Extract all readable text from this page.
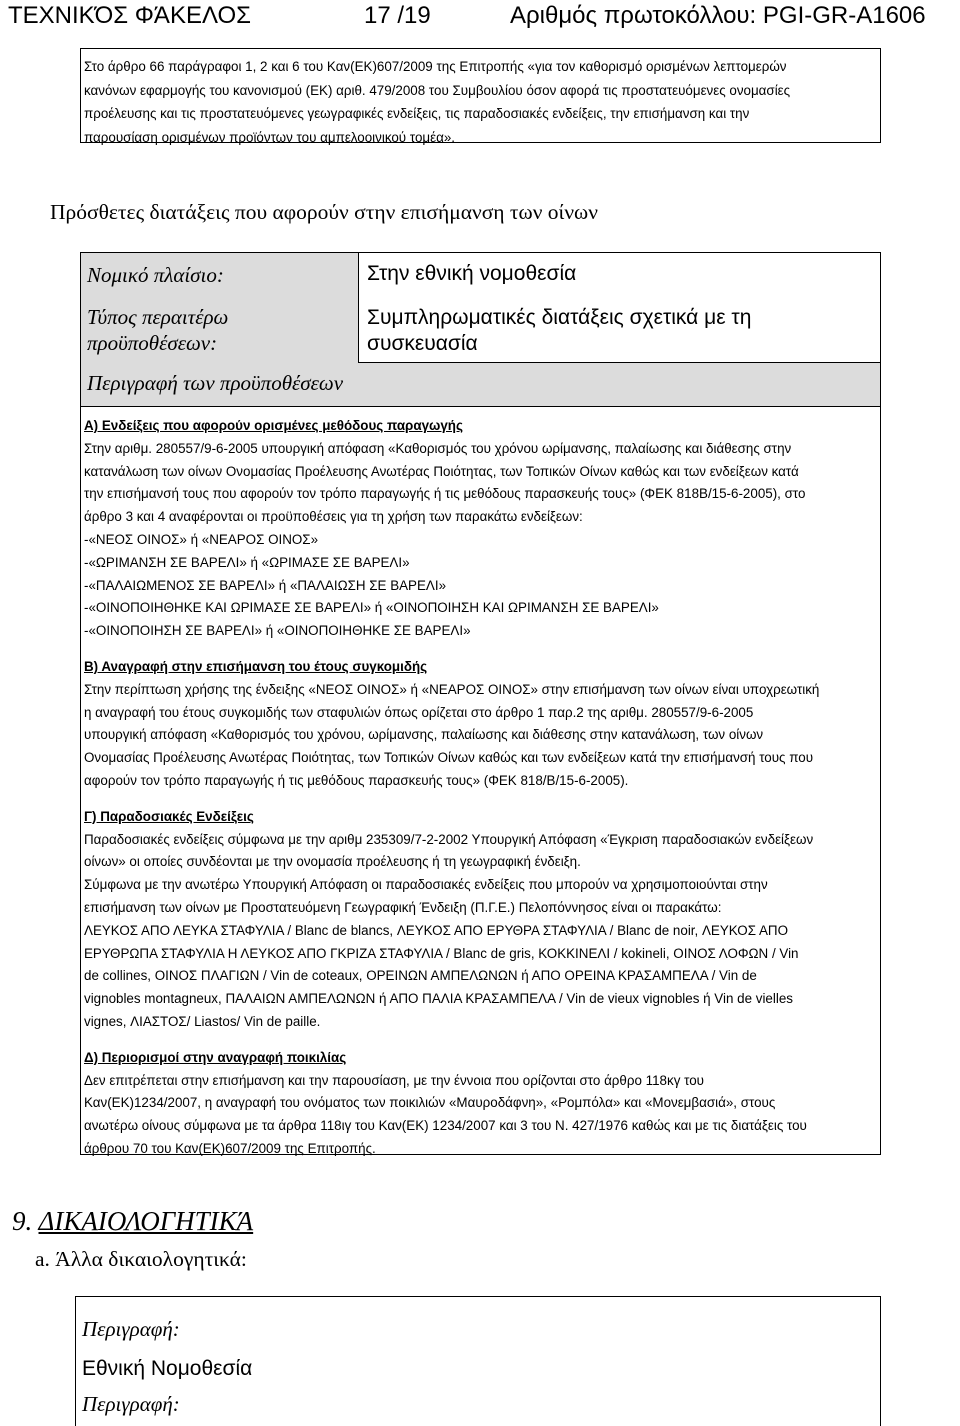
ΤΕΧΝΙΚΌΣ ΦΆΚΕΛΟΣ	17 /19	Αριθμός πρωτοκόλλου: PGI-GR-A1606
Στο άρθρο 66 παράγραφοι 1, 2 και 6 του Καν(ΕΚ)607/2009 της Επιτροπής «για τον καθορισμό ορισμένων λεπτομερών
κανόνων εφαρμογής του κανονισμού (ΕΚ) αριθ. 479/2008 του Συμβουλίου όσον αφορά τις προστατευόμενες ονομασίες
προέλευσης και τις προστατευόμενες γεωγραφικές ενδείξεις, τις παραδοσιακές ενδείξεις, την επισήμανση και την
παρουσίαση ορισμένων προϊόντων του αμπελοοινικού τομέα».
Πρόσθετες διατάξεις που αφορούν στην επισήμανση των οίνων
Νομικό πλαίσιο:
Τύπος περαιτέρω
προϋποθέσεων:
Στην εθνική νομοθεσία
Συμπληρωματικές διατάξεις σχετικά με τη
συσκευασία
Περιγραφή των προϋποθέσεων

Α) Ενδείξεις που αφορούν ορισμένες μεθόδους παραγωγής

Στην αριθμ. 280557/9-6-2005 υπουργική απόφαση «Καθορισμός του χρόνου ωρίμανσης, παλαίωσης και διάθεσης στην

κατανάλωση των οίνων Ονομασίας Προέλευσης Ανωτέρας Ποιότητας, των Τοπικών Οίνων καθώς και των ενδείξεων κατά

την επισήμανσή τους που αφορούν τον τρόπο παραγωγής ή τις μεθόδους παρασκευής τους» (ΦΕΚ 818Β/15-6-2005), στο

άρθρο 3 και 4 αναφέρονται οι προϋποθέσεις για τη χρήση των παρακάτω ενδείξεων:

-«ΝΕΟΣ ΟΙΝΟΣ» ή «ΝΕΑΡΟΣ ΟΙΝΟΣ»

-«ΩΡΙΜΑΝΣΗ ΣΕ ΒΑΡΕΛΙ» ή «ΩΡΙΜΑΣΕ ΣΕ ΒΑΡΕΛΙ»

-«ΠΑΛΑΙΩΜΕΝΟΣ ΣΕ ΒΑΡΕΛΙ» ή «ΠΑΛΑΙΩΣΗ ΣΕ ΒΑΡΕΛΙ»

-«ΟΙΝΟΠΟΙΗΘΗΚΕ ΚΑΙ ΩΡΙΜΑΣΕ ΣΕ ΒΑΡΕΛΙ» ή «ΟΙΝΟΠΟΙΗΣΗ ΚΑΙ ΩΡΙΜΑΝΣΗ ΣΕ ΒΑΡΕΛΙ»

-«ΟΙΝΟΠΟΙΗΣΗ ΣΕ ΒΑΡΕΛΙ» ή «ΟΙΝΟΠΟΙΗΘΗΚΕ ΣΕ ΒΑΡΕΛΙ»

Β) Αναγραφή στην επισήμανση του έτους συγκομιδής

Στην περίπτωση χρήσης της ένδειξης «ΝΕΟΣ ΟΙΝΟΣ» ή «ΝΕΑΡΟΣ ΟΙΝΟΣ» στην επισήμανση των οίνων είναι υποχρεωτική

η αναγραφή του έτους συγκομιδής των σταφυλιών όπως ορίζεται στο άρθρο 1 παρ.2 της αριθμ. 280557/9-6-2005

υπουργική απόφαση «Καθορισμός του χρόνου, ωρίμανσης, παλαίωσης και διάθεσης στην κατανάλωση, των οίνων

Ονομασίας Προέλευσης Ανωτέρας Ποιότητας, των Τοπικών Οίνων καθώς και των ενδείξεων κατά την επισήμανσή τους που

αφορούν τον τρόπο παραγωγής ή τις μεθόδους παρασκευής τους» (ΦΕΚ 818/Β/15-6-2005).

Γ) Παραδοσιακές Ενδείξεις

Παραδοσιακές ενδείξεις σύμφωνα με την αριθμ 235309/7-2-2002 Υπουργική Απόφαση «Έγκριση παραδοσιακών ενδείξεων

οίνων» οι οποίες συνδέονται με την ονομασία προέλευσης ή τη γεωγραφική ένδειξη.

Σύμφωνα με την ανωτέρω Υπουργική Απόφαση οι παραδοσιακές ενδείξεις που μπορούν να χρησιμοποιούνται στην

επισήμανση των οίνων με Προστατευόμενη Γεωγραφική Ένδειξη (Π.Γ.Ε.) Πελοπόννησος είναι οι παρακάτω:

ΛΕΥΚΟΣ ΑΠΟ ΛΕΥΚΑ ΣΤΑΦΥΛΙΑ / Blanc de blancs, ΛΕΥΚΟΣ ΑΠΟ ΕΡΥΘΡΑ ΣΤΑΦΥΛΙΑ / Blanc de noir, ΛΕΥΚΟΣ ΑΠΟ

ΕΡΥΘΡΩΠΑ ΣΤΑΦΥΛΙΑ Η ΛΕΥΚΟΣ ΑΠΟ ΓΚΡΙΖΑ ΣΤΑΦΥΛΙΑ / Blanc de gris, ΚΟΚΚΙΝΕΛΙ / kokineli, ΟΙΝΟΣ ΛΟΦΩΝ / Vin

de collines, ΟΙΝΟΣ ΠΛΑΓΙΩΝ / Vin de coteaux, ΟΡΕΙΝΩΝ ΑΜΠΕΛΩΝΩΝ ή ΑΠΟ ΟΡΕΙΝΑ ΚΡΑΣΑΜΠΕΛΑ / Vin de

vignobles montagneux, ΠΑΛΑΙΩΝ ΑΜΠΕΛΩΝΩΝ ή ΑΠΟ ΠΑΛΙΑ ΚΡΑΣΑΜΠΕΛΑ / Vin de vieux vignobles ή Vin de vielles

vignes, ΛΙΑΣΤΟΣ/ Liastos/ Vin de paille.

Δ) Περιορισμοί στην αναγραφή ποικιλίας

Δεν επιτρέπεται στην επισήμανση και την παρουσίαση, με την έννοια που ορίζονται στο άρθρο 118κγ του

Καν(ΕΚ)1234/2007, η αναγραφή του ονόματος των ποικιλιών «Μαυροδάφνη», «Ρομπόλα» και «Μονεμβασιά», στους

ανωτέρω οίνους σύμφωνα με τα άρθρα 118ιγ του Καν(ΕΚ) 1234/2007 και 3 του Ν. 427/1976 καθώς και με τις διατάξεις του

άρθρου 70 του Καν(ΕΚ)607/2009 της Επιτροπής.

9. ΔΙΚΑΙΟΛΟΓΗΤΙΚΆ
a. Άλλα δικαιολογητικά:
Περιγραφή:
Εθνική Νομοθεσία
Περιγραφή:
